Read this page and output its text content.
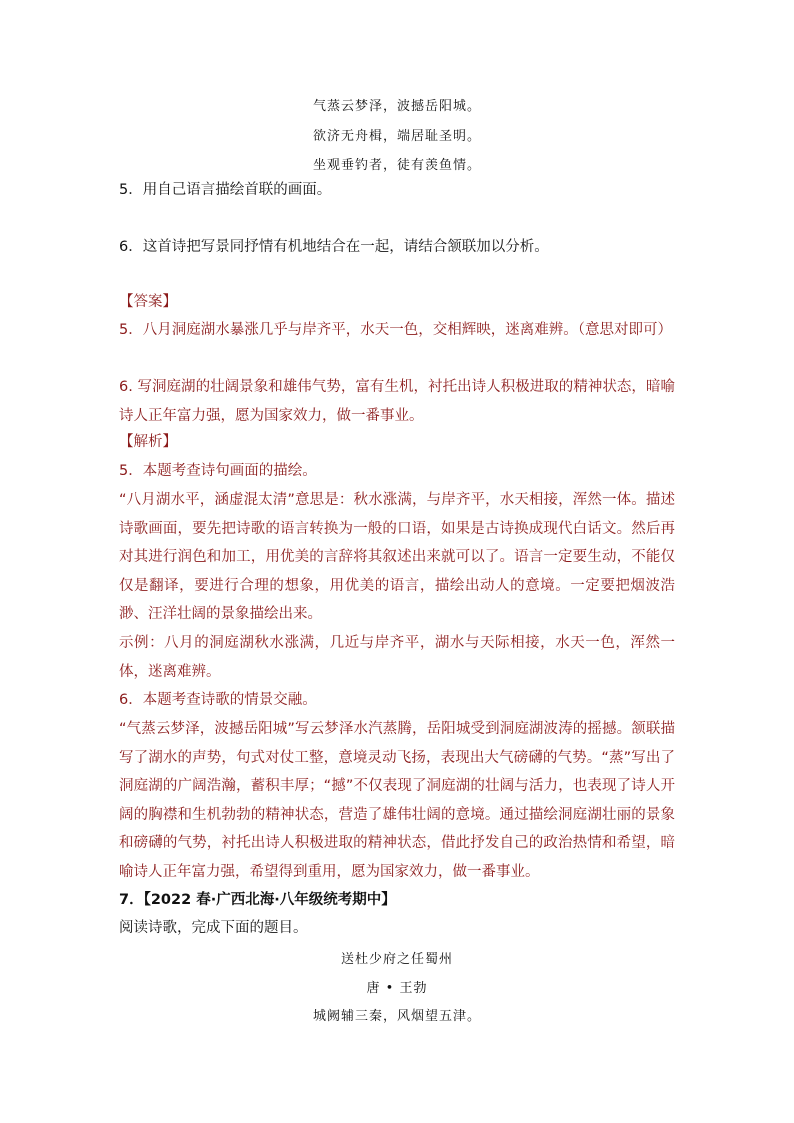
气蒸云梦泽，波撼岳阳城。
欲济无舟楫，端居耻圣明。
坐观垂钓者，徒有羡鱼情。
5．用自己语言描绘首联的画面。
6．这首诗把写景同抒情有机地结合在一起，请结合颔联加以分析。
【答案】
5．八月洞庭湖水暴涨几乎与岸齐平，水天一色，交相辉映，迷离难辨。（意思对即可）
6. 写洞庭湖的壮阔景象和雄伟气势，富有生机，衬托出诗人积极进取的精神状态，暗喻诗人正年富力强，愿为国家效力，做一番事业。
【解析】
5．本题考查诗句画面的描绘。
“八月湖水平，涵虚混太清”意思是：秋水涨满，与岸齐平，水天相接，浑然一体。描述诗歌画面，要先把诗歌的语言转换为一般的口语，如果是古诗换成现代白话文。然后再对其进行润色和加工，用优美的言辞将其叙述出来就可以了。语言一定要生动，不能仅仅是翻译，要进行合理的想象，用优美的语言，描绘出动人的意境。一定要把烟波浩渺、汪洋壮阔的景象描绘出来。
示例：八月的洞庭湖秋水涨满，几近与岸齐平，湖水与天际相接，水天一色，浑然一体，迷离难辨。
6．本题考查诗歌的情景交融。
“气蒸云梦泽，波撼岳阳城”写云梦泽水汽蒸腾，岳阳城受到洞庭湖波涛的摇撼。颔联描写了湖水的声势，句式对仗工整，意境灵动飞扬，表现出大气磅礴的气势。“蒸”写出了洞庭湖的广阔浩瀚，蓄积丰厚；“撼”不仅表现了洞庭湖的壮阔与活力，也表现了诗人开阔的胸襟和生机勃勃的精神状态，营造了雄伟壮阔的意境。通过描绘洞庭湖壮丽的景象和磅礴的气势，衬托出诗人积极进取的精神状态，借此抒发自己的政治热情和希望，暗喻诗人正年富力强，希望得到重用，愿为国家效力，做一番事业。
7．【2022 春·广西北海·八年级统考期中】
阅读诗歌，完成下面的题目。
送杜少府之任蜀州
唐 • 王勃
城阙辅三秦，风烟望五津。
